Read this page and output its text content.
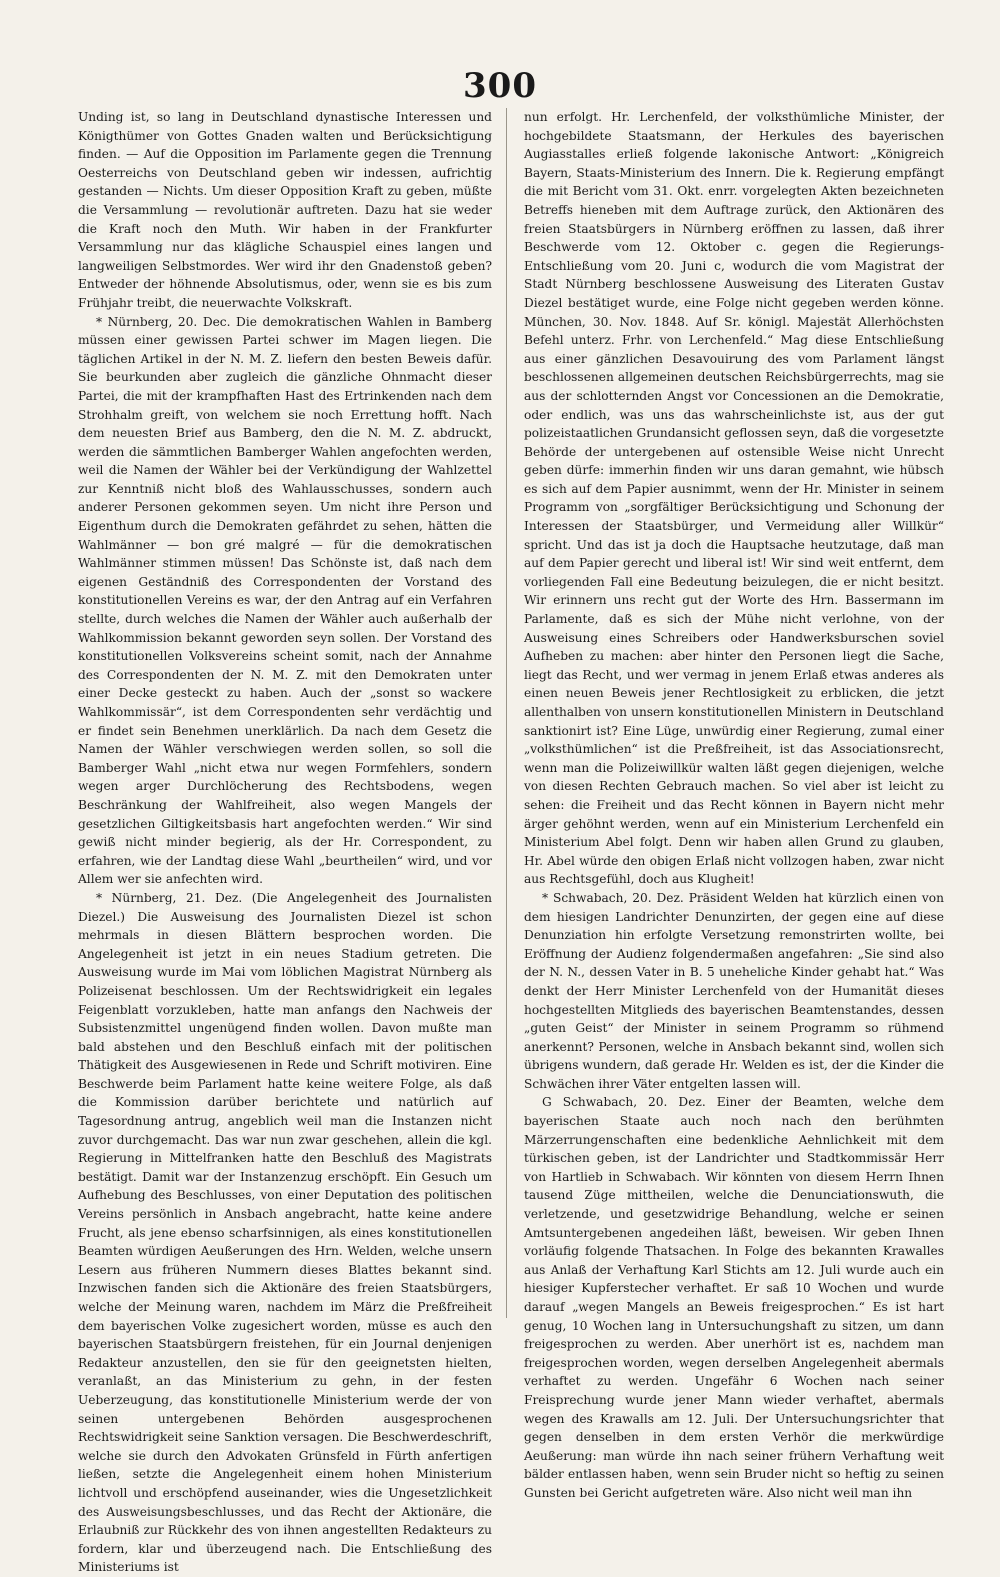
300

Unding ist, so lang in Deutschland dynastische Interessen und Königthümer von Gottes Gnaden walten und Berücksichtigung finden. — Auf die Opposition im Parlamente gegen die Trennung Oesterreichs von Deutschland geben wir indessen, aufrichtig gestanden — Nichts. Um dieser Opposition Kraft zu geben, müßte die Versammlung — revolutionär auftreten. Dazu hat sie weder die Kraft noch den Muth. Wir haben in der Frankfurter Versammlung nur das klägliche Schauspiel eines langen und langweiligen Selbstmordes. Wer wird ihr den Gnadenstoß geben? Entweder der höhnende Absolutismus, oder, wenn sie es bis zum Frühjahr treibt, die neuerwachte Volkskraft.

* Nürnberg, 20. Dec. Die demokratischen Wahlen in Bamberg müssen einer gewissen Partei schwer im Magen liegen. Die täglichen Artikel in der N. M. Z. liefern den besten Beweis dafür. Sie beurkunden aber zugleich die gänzliche Ohnmacht dieser Partei, die mit der krampfhaften Hast des Ertrinkenden nach dem Strohhalm greift, von welchem sie noch Errettung hofft. Nach dem neuesten Brief aus Bamberg, den die N. M. Z. abdruckt, werden die sämmtlichen Bamberger Wahlen angefochten werden, weil die Namen der Wähler bei der Verkündigung der Wahlzettel zur Kenntniß nicht bloß des Wahlausschusses, sondern auch anderer Personen gekommen seyen. Um nicht ihre Person und Eigenthum durch die Demokraten gefährdet zu sehen, hätten die Wahlmänner — bon gré malgré — für die demokratischen Wahlmänner stimmen müssen! Das Schönste ist, daß nach dem eigenen Geständniß des Correspondenten der Vorstand des konstitutionellen Vereins es war, der den Antrag auf ein Verfahren stellte, durch welches die Namen der Wähler auch außerhalb der Wahlkommission bekannt geworden seyn sollen. Der Vorstand des konstitutionellen Volksvereins scheint somit, nach der Annahme des Correspondenten der N. M. Z. mit den Demokraten unter einer Decke gesteckt zu haben. Auch der „sonst so wackere Wahlkommissär“, ist dem Correspondenten sehr verdächtig und er findet sein Benehmen unerklärlich. Da nach dem Gesetz die Namen der Wähler verschwiegen werden sollen, so soll die Bamberger Wahl „nicht etwa nur wegen Formfehlers, sondern wegen arger Durchlöcherung des Rechtsbodens, wegen Beschränkung der Wahlfreiheit, also wegen Mangels der gesetzlichen Giltigkeitsbasis hart angefochten werden.“ Wir sind gewiß nicht minder begierig, als der Hr. Correspondent, zu erfahren, wie der Landtag diese Wahl „beurtheilen“ wird, und vor Allem wer sie anfechten wird.

* Nürnberg, 21. Dez. (Die Angelegenheit des Journalisten Diezel.) Die Ausweisung des Journalisten Diezel ist schon mehrmals in diesen Blättern besprochen worden. Die Angelegenheit ist jetzt in ein neues Stadium getreten. Die Ausweisung wurde im Mai vom löblichen Magistrat Nürnberg als Polizeisenat beschlossen. Um der Rechtswidrigkeit ein legales Feigenblatt vorzukleben, hatte man anfangs den Nachweis der Subsistenzmittel ungenügend finden wollen. Davon mußte man bald abstehen und den Beschluß einfach mit der politischen Thätigkeit des Ausgewiesenen in Rede und Schrift motiviren. Eine Beschwerde beim Parlament hatte keine weitere Folge, als daß die Kommission darüber berichtete und natürlich auf Tagesordnung antrug, angeblich weil man die Instanzen nicht zuvor durchgemacht. Das war nun zwar geschehen, allein die kgl. Regierung in Mittelfranken hatte den Beschluß des Magistrats bestätigt. Damit war der Instanzenzug erschöpft. Ein Gesuch um Aufhebung des Beschlusses, von einer Deputation des politischen Vereins persönlich in Ansbach angebracht, hatte keine andere Frucht, als jene ebenso scharfsinnigen, als eines konstitutionellen Beamten würdigen Aeußerungen des Hrn. Welden, welche unsern Lesern aus früheren Nummern dieses Blattes bekannt sind. Inzwischen fanden sich die Aktionäre des freien Staatsbürgers, welche der Meinung waren, nachdem im März die Preßfreiheit dem bayerischen Volke zugesichert worden, müsse es auch den bayerischen Staatsbürgern freistehen, für ein Journal denjenigen Redakteur anzustellen, den sie für den geeignetsten hielten, veranlaßt, an das Ministerium zu gehn, in der festen Ueberzeugung, das konstitutionelle Ministerium werde der von seinen untergebenen Behörden ausgesprochenen Rechtswidrigkeit seine Sanktion versagen. Die Beschwerdeschrift, welche sie durch den Advokaten Grünsfeld in Fürth anfertigen ließen, setzte die Angelegenheit einem hohen Ministerium lichtvoll und erschöpfend auseinander, wies die Ungesetzlichkeit des Ausweisungsbeschlusses, und das Recht der Aktionäre, die Erlaubniß zur Rückkehr des von ihnen angestellten Redakteurs zu fordern, klar und überzeugend nach. Die Entschließung des Ministeriums ist

nun erfolgt. Hr. Lerchenfeld, der volksthümliche Minister, der hochgebildete Staatsmann, der Herkules des bayerischen Augiasstalles erließ folgende lakonische Antwort: „Königreich Bayern, Staats-Ministerium des Innern. Die k. Regierung empfängt die mit Bericht vom 31. Okt. enrr. vorgelegten Akten bezeichneten Betreffs hieneben mit dem Auftrage zurück, den Aktionären des freien Staatsbürgers in Nürnberg eröffnen zu lassen, daß ihrer Beschwerde vom 12. Oktober c. gegen die Regierungs-Entschließung vom 20. Juni c, wodurch die vom Magistrat der Stadt Nürnberg beschlossene Ausweisung des Literaten Gustav Diezel bestätiget wurde, eine Folge nicht gegeben werden könne. München, 30. Nov. 1848. Auf Sr. königl. Majestät Allerhöchsten Befehl unterz. Frhr. von Lerchenfeld.“ Mag diese Entschließung aus einer gänzlichen Desavouirung des vom Parlament längst beschlossenen allgemeinen deutschen Reichsbürgerrechts, mag sie aus der schlotternden Angst vor Concessionen an die Demokratie, oder endlich, was uns das wahrscheinlichste ist, aus der gut polizeistaatlichen Grundansicht geflossen seyn, daß die vorgesetzte Behörde der untergebenen auf ostensible Weise nicht Unrecht geben dürfe: immerhin finden wir uns daran gemahnt, wie hübsch es sich auf dem Papier ausnimmt, wenn der Hr. Minister in seinem Programm von „sorgfältiger Berücksichtigung und Schonung der Interessen der Staatsbürger, und Vermeidung aller Willkür“ spricht. Und das ist ja doch die Hauptsache heutzutage, daß man auf dem Papier gerecht und liberal ist! Wir sind weit entfernt, dem vorliegenden Fall eine Bedeutung beizulegen, die er nicht besitzt. Wir erinnern uns recht gut der Worte des Hrn. Bassermann im Parlamente, daß es sich der Mühe nicht verlohne, von der Ausweisung eines Schreibers oder Handwerksburschen soviel Aufheben zu machen: aber hinter den Personen liegt die Sache, liegt das Recht, und wer vermag in jenem Erlaß etwas anderes als einen neuen Beweis jener Rechtlosigkeit zu erblicken, die jetzt allenthalben von unsern konstitutionellen Ministern in Deutschland sanktionirt ist? Eine Lüge, unwürdig einer Regierung, zumal einer „volksthümlichen“ ist die Preßfreiheit, ist das Associationsrecht, wenn man die Polizeiwillkür walten läßt gegen diejenigen, welche von diesen Rechten Gebrauch machen. So viel aber ist leicht zu sehen: die Freiheit und das Recht können in Bayern nicht mehr ärger gehöhnt werden, wenn auf ein Ministerium Lerchenfeld ein Ministerium Abel folgt. Denn wir haben allen Grund zu glauben, Hr. Abel würde den obigen Erlaß nicht vollzogen haben, zwar nicht aus Rechtsgefühl, doch aus Klugheit!

* Schwabach, 20. Dez. Präsident Welden hat kürzlich einen von dem hiesigen Landrichter Denunzirten, der gegen eine auf diese Denunziation hin erfolgte Versetzung remonstrirten wollte, bei Eröffnung der Audienz folgendermaßen angefahren: „Sie sind also der N. N., dessen Vater in B. 5 uneheliche Kinder gehabt hat.“ Was denkt der Herr Minister Lerchenfeld von der Humanität dieses hochgestellten Mitglieds des bayerischen Beamtenstandes, dessen „guten Geist“ der Minister in seinem Programm so rühmend anerkennt? Personen, welche in Ansbach bekannt sind, wollen sich übrigens wundern, daß gerade Hr. Welden es ist, der die Kinder die Schwächen ihrer Väter entgelten lassen will.

G Schwabach, 20. Dez. Einer der Beamten, welche dem bayerischen Staate auch noch nach den berühmten Märzerrungenschaften eine bedenkliche Aehnlichkeit mit dem türkischen geben, ist der Landrichter und Stadtkommissär Herr von Hartlieb in Schwabach. Wir könnten von diesem Herrn Ihnen tausend Züge mittheilen, welche die Denunciationswuth, die verletzende, und gesetzwidrige Behandlung, welche er seinen Amtsuntergebenen angedeihen läßt, beweisen. Wir geben Ihnen vorläufig folgende Thatsachen. In Folge des bekannten Krawalles aus Anlaß der Verhaftung Karl Stichts am 12. Juli wurde auch ein hiesiger Kupferstecher verhaftet. Er saß 10 Wochen und wurde darauf „wegen Mangels an Beweis freigesprochen.“ Es ist hart genug, 10 Wochen lang in Untersuchungshaft zu sitzen, um dann freigesprochen zu werden. Aber unerhört ist es, nachdem man freigesprochen worden, wegen derselben Angelegenheit abermals verhaftet zu werden. Ungefähr 6 Wochen nach seiner Freisprechung wurde jener Mann wieder verhaftet, abermals wegen des Krawalls am 12. Juli. Der Untersuchungsrichter that gegen denselben in dem ersten Verhör die merkwürdige Aeußerung: man würde ihn nach seiner frühern Verhaftung weit bälder entlassen haben, wenn sein Bruder nicht so heftig zu seinen Gunsten bei Gericht aufgetreten wäre. Also nicht weil man ihn
